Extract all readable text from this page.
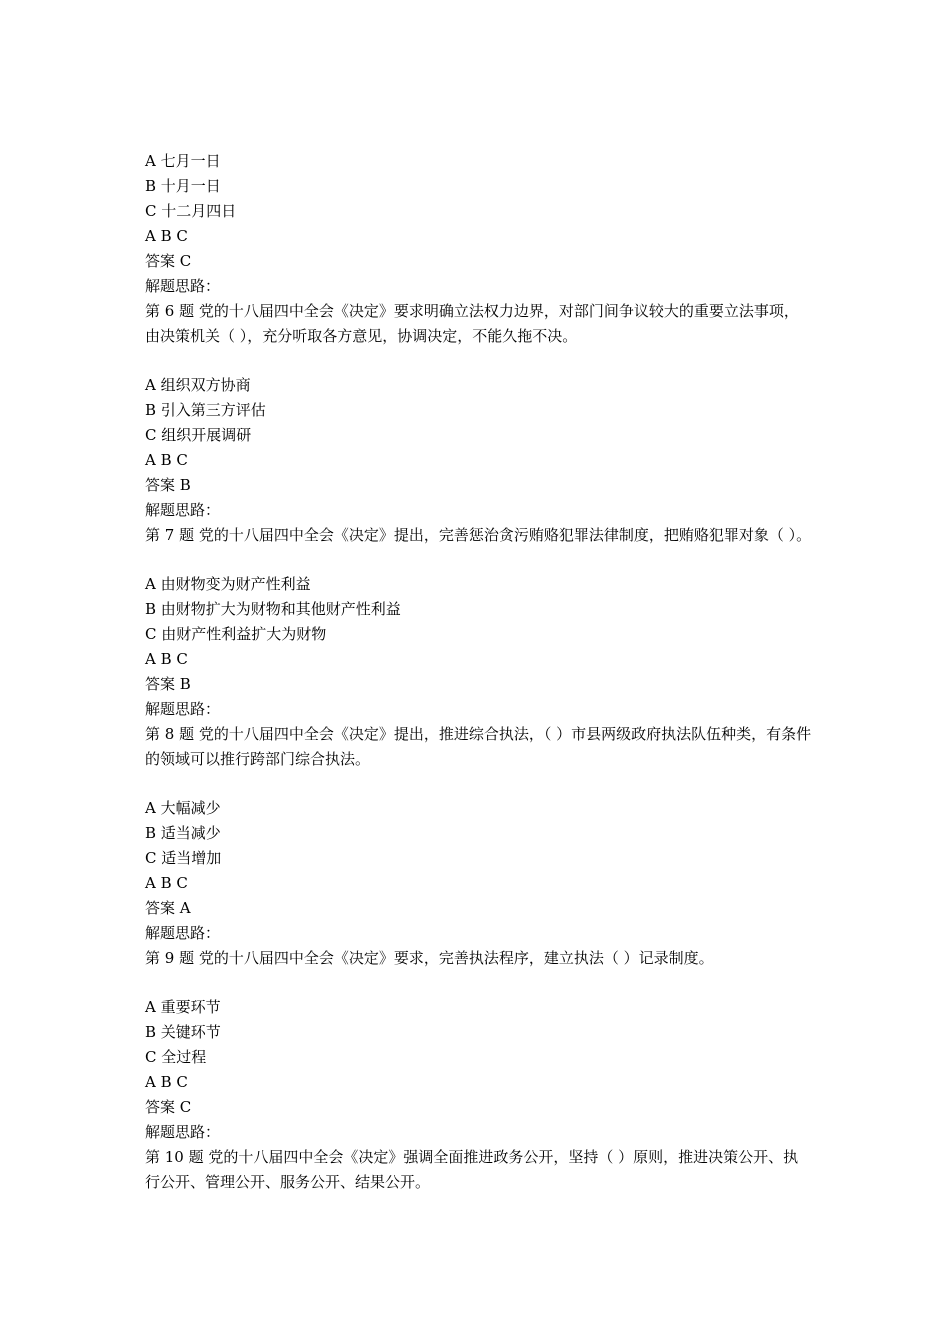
A 七月一日
B 十月一日
C 十二月四日
A B C
答案 C
解题思路：
第 6 题 党的十八届四中全会《决定》要求明确立法权力边界，对部门间争议较大的重要立法事项，由决策机关（ ），充分听取各方意见，协调决定，不能久拖不决。
A 组织双方协商
B 引入第三方评估
C 组织开展调研
A B C
答案 B
解题思路：
第 7 题 党的十八届四中全会《决定》提出，完善惩治贪污贿赂犯罪法律制度，把贿赂犯罪对象（ ）。
A 由财物变为财产性利益
B 由财物扩大为财物和其他财产性利益
C 由财产性利益扩大为财物
A B C
答案 B
解题思路：
第 8 题 党的十八届四中全会《决定》提出，推进综合执法，（ ）市县两级政府执法队伍种类，有条件的领域可以推行跨部门综合执法。
A 大幅减少
B 适当减少
C 适当增加
A B C
答案 A
解题思路：
第 9 题 党的十八届四中全会《决定》要求，完善执法程序，建立执法（ ）记录制度。
A 重要环节
B 关键环节
C 全过程
A B C
答案 C
解题思路：
第 10 题 党的十八届四中全会《决定》强调全面推进政务公开，坚持（ ）原则，推进决策公开、执行公开、管理公开、服务公开、结果公开。
